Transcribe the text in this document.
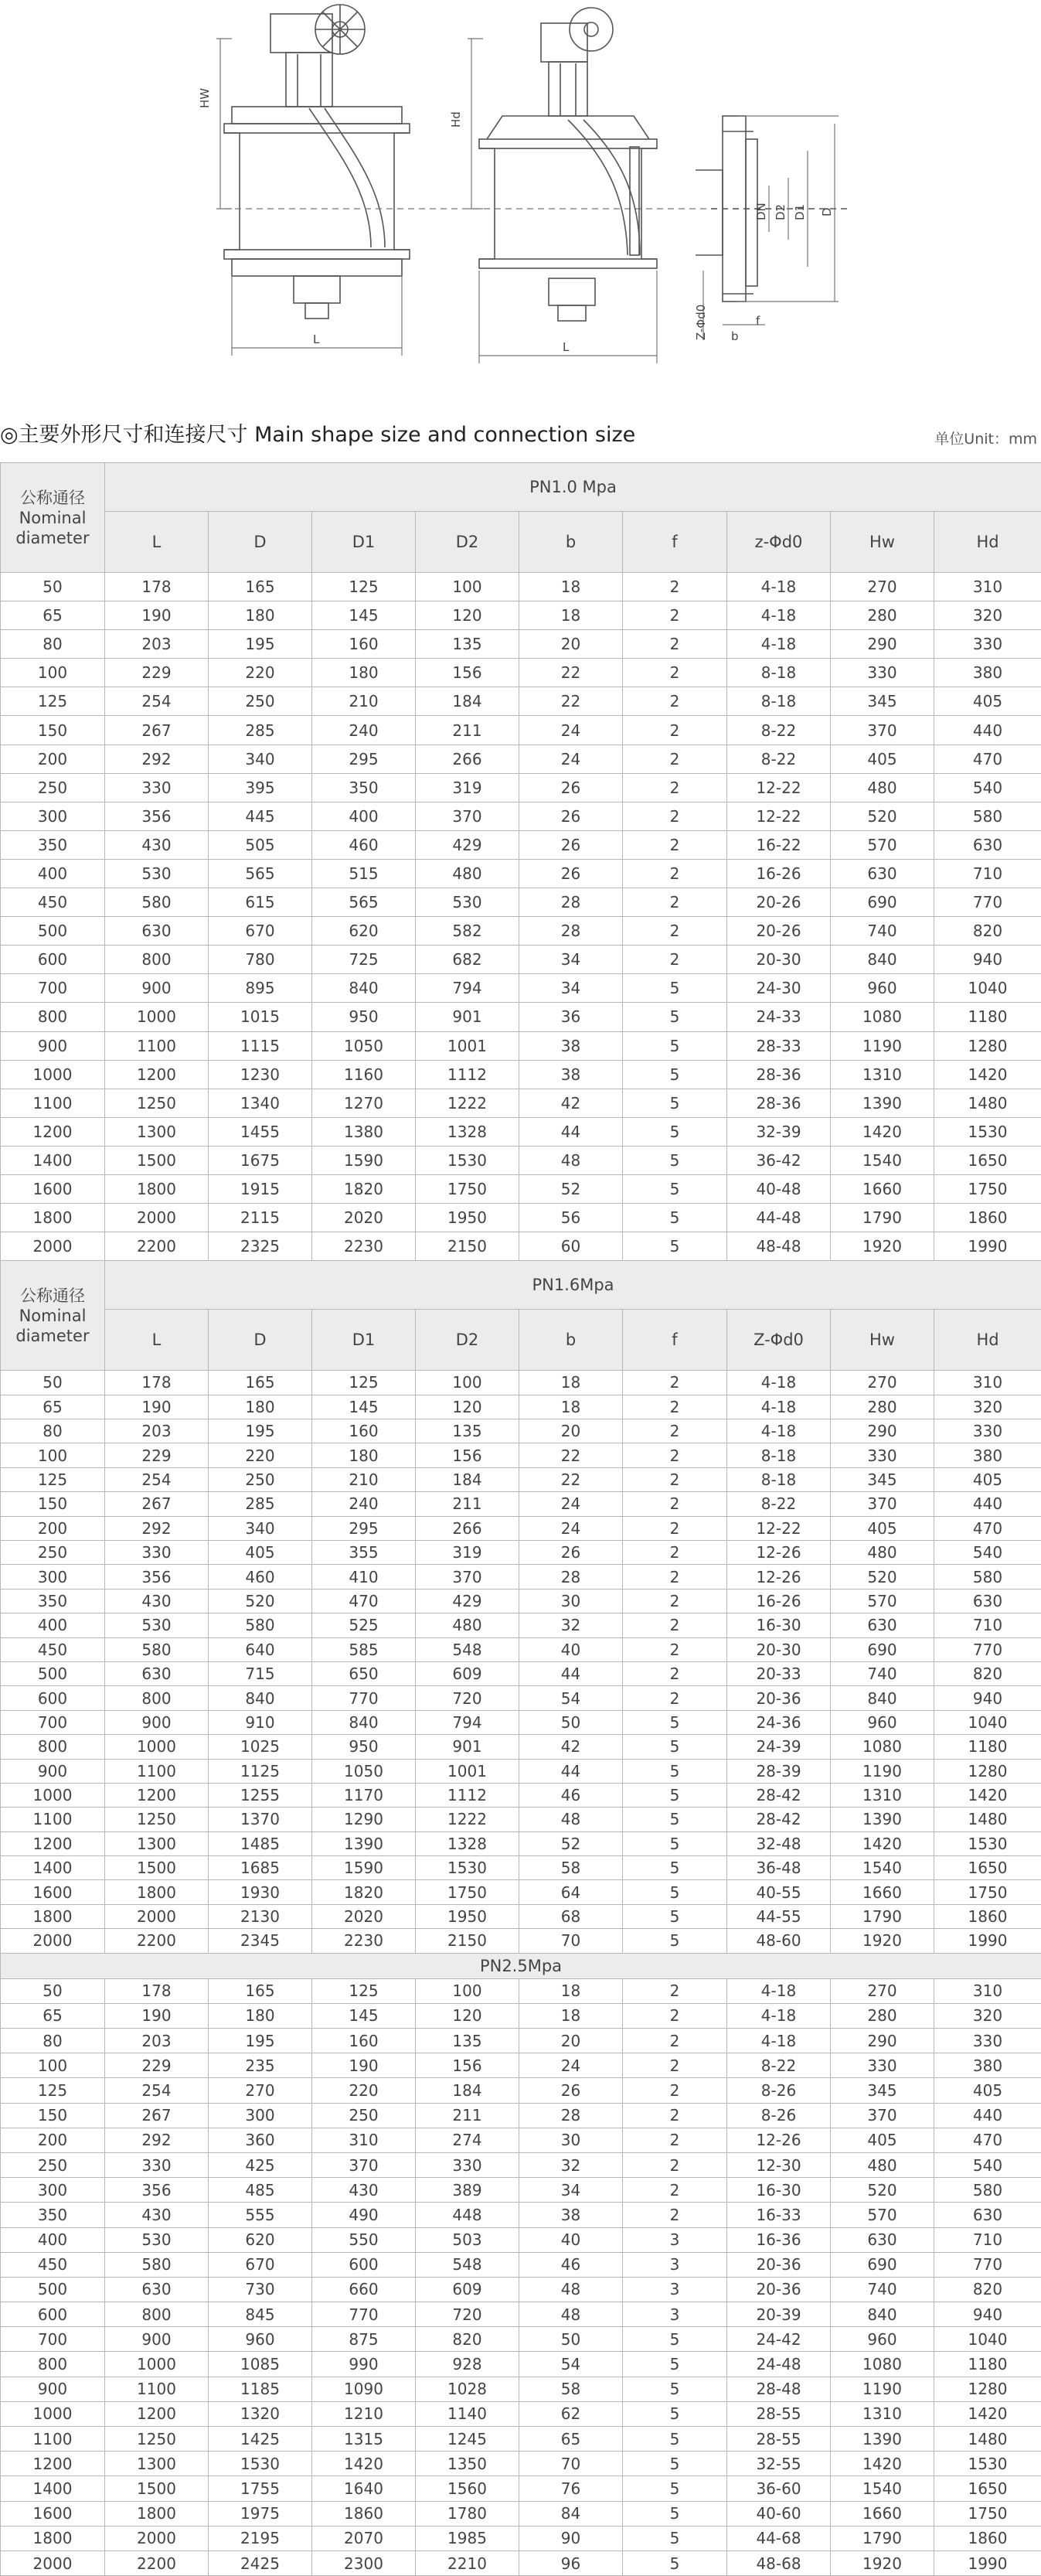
HW
L
Hd
L
DN D2 D1 D
Z-Φd0 b
f
◎主要外形尺寸和连接尺寸 Main shape size and connection size	单位Unit：mm
公称通径
Nominal
diameter	PN1.0 Mpa								
	L	D	D1	D2	b	f	z-Φd0	Hw	Hd
50	178	165	125	100	18	2	4-18	270	310
65	190	180	145	120	18	2	4-18	280	320
80	203	195	160	135	20	2	4-18	290	330
100	229	220	180	156	22	2	8-18	330	380
125	254	250	210	184	22	2	8-18	345	405
150	267	285	240	211	24	2	8-22	370	440
200	292	340	295	266	24	2	8-22	405	470
250	330	395	350	319	26	2	12-22	480	540
300	356	445	400	370	26	2	12-22	520	580
350	430	505	460	429	26	2	16-22	570	630
400	530	565	515	480	26	2	16-26	630	710
450	580	615	565	530	28	2	20-26	690	770
500	630	670	620	582	28	2	20-26	740	820
600	800	780	725	682	34	2	20-30	840	940
700	900	895	840	794	34	5	24-30	960	1040
800	1000	1015	950	901	36	5	24-33	1080	1180
900	1100	1115	1050	1001	38	5	28-33	1190	1280
1000	1200	1230	1160	1112	38	5	28-36	1310	1420
1100	1250	1340	1270	1222	42	5	28-36	1390	1480
1200	1300	1455	1380	1328	44	5	32-39	1420	1530
1400	1500	1675	1590	1530	48	5	36-42	1540	1650
1600	1800	1915	1820	1750	52	5	40-48	1660	1750
1800	2000	2115	2020	1950	56	5	44-48	1790	1860
2000	2200	2325	2230	2150	60	5	48-48	1920	1990

公称通径
Nominal
diameter	PN1.6Mpa								
	L	D	D1	D2	b	f	Z-Φd0	Hw	Hd
50	178	165	125	100	18	2	4-18	270	310
65	190	180	145	120	18	2	4-18	280	320
80	203	195	160	135	20	2	4-18	290	330
100	229	220	180	156	22	2	8-18	330	380
125	254	250	210	184	22	2	8-18	345	405
150	267	285	240	211	24	2	8-22	370	440
200	292	340	295	266	24	2	12-22	405	470
250	330	405	355	319	26	2	12-26	480	540
300	356	460	410	370	28	2	12-26	520	580
350	430	520	470	429	30	2	16-26	570	630
400	530	580	525	480	32	2	16-30	630	710
450	580	640	585	548	40	2	20-30	690	770
500	630	715	650	609	44	2	20-33	740	820
600	800	840	770	720	54	2	20-36	840	940
700	900	910	840	794	50	5	24-36	960	1040
800	1000	1025	950	901	42	5	24-39	1080	1180
900	1100	1125	1050	1001	44	5	28-39	1190	1280
1000	1200	1255	1170	1112	46	5	28-42	1310	1420
1100	1250	1370	1290	1222	48	5	28-42	1390	1480
1200	1300	1485	1390	1328	52	5	32-48	1420	1530
1400	1500	1685	1590	1530	58	5	36-48	1540	1650
1600	1800	1930	1820	1750	64	5	40-55	1660	1750
1800	2000	2130	2020	1950	68	5	44-55	1790	1860
2000	2200	2345	2230	2150	70	5	48-60	1920	1990
PN2.5Mpa									
50	178	165	125	100	18	2	4-18	270	310
65	190	180	145	120	18	2	4-18	280	320
80	203	195	160	135	20	2	4-18	290	330
100	229	235	190	156	24	2	8-22	330	380
125	254	270	220	184	26	2	8-26	345	405
150	267	300	250	211	28	2	8-26	370	440
200	292	360	310	274	30	2	12-26	405	470
250	330	425	370	330	32	2	12-30	480	540
300	356	485	430	389	34	2	16-30	520	580
350	430	555	490	448	38	2	16-33	570	630
400	530	620	550	503	40	3	16-36	630	710
450	580	670	600	548	46	3	20-36	690	770
500	630	730	660	609	48	3	20-36	740	820
600	800	845	770	720	48	3	20-39	840	940
700	900	960	875	820	50	5	24-42	960	1040
800	1000	1085	990	928	54	5	24-48	1080	1180
900	1100	1185	1090	1028	58	5	28-48	1190	1280
1000	1200	1320	1210	1140	62	5	28-55	1310	1420
1100	1250	1425	1315	1245	65	5	28-55	1390	1480
1200	1300	1530	1420	1350	70	5	32-55	1420	1530
1400	1500	1755	1640	1560	76	5	36-60	1540	1650
1600	1800	1975	1860	1780	84	5	40-60	1660	1750
1800	2000	2195	2070	1985	90	5	44-68	1790	1860
2000	2200	2425	2300	2210	96	5	48-68	1920	1990
